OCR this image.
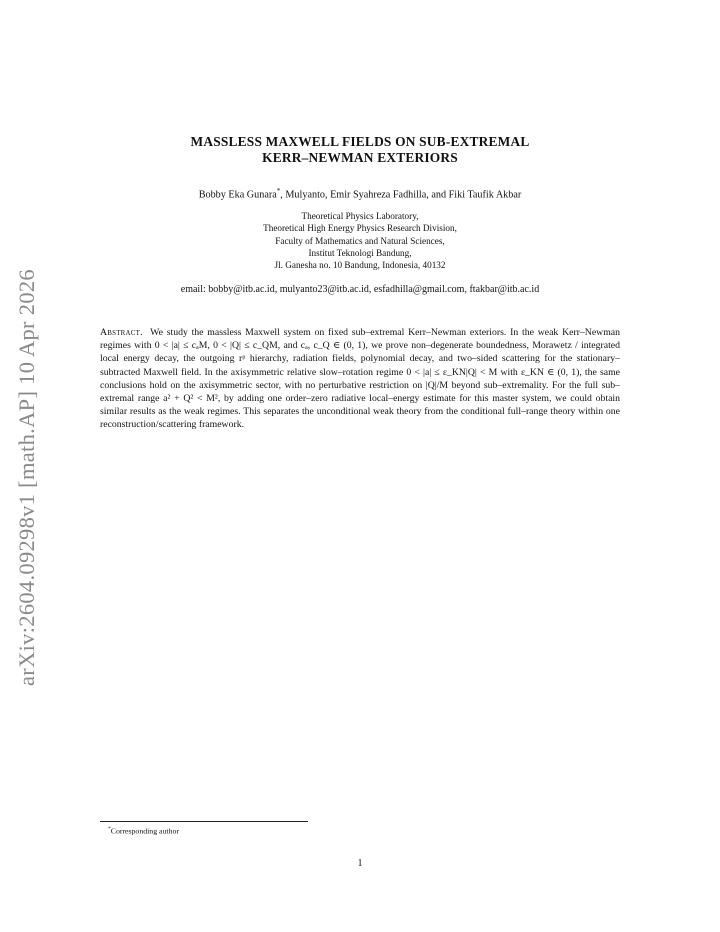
arXiv:2604.09298v1 [math.AP] 10 Apr 2026
MASSLESS MAXWELL FIELDS ON SUB-EXTREMAL
KERR–NEWMAN EXTERIORS
Bobby Eka Gunara*, Mulyanto, Emir Syahreza Fadhilla, and Fiki Taufik Akbar
Theoretical Physics Laboratory,
Theoretical High Energy Physics Research Division,
Faculty of Mathematics and Natural Sciences,
Institut Teknologi Bandung,
Jl. Ganesha no. 10 Bandung, Indonesia, 40132
email: bobby@itb.ac.id, mulyanto23@itb.ac.id, esfadhilla@gmail.com, ftakbar@itb.ac.id
Abstract. We study the massless Maxwell system on fixed sub–extremal Kerr–Newman exteriors. In the weak Kerr–Newman regimes with 0 < |a| ≤ cₐM, 0 < |Q| ≤ c_QM, and cₐ, c_Q ∈ (0, 1), we prove non–degenerate boundedness, Morawetz / integrated local energy decay, the outgoing rᵖ hierarchy, radiation fields, polynomial decay, and two–sided scattering for the stationary–subtracted Maxwell field. In the axisymmetric relative slow–rotation regime 0 < |a| ≤ ε_KN|Q| < M with ε_KN ∈ (0, 1), the same conclusions hold on the axisymmetric sector, with no perturbative restriction on |Q|/M beyond sub–extremality. For the full sub–extremal range a² + Q² < M², by adding one order–zero radiative local–energy estimate for this master system, we could obtain similar results as the weak regimes. This separates the unconditional weak theory from the conditional full–range theory within one reconstruction/scattering framework.
*Corresponding author
1
